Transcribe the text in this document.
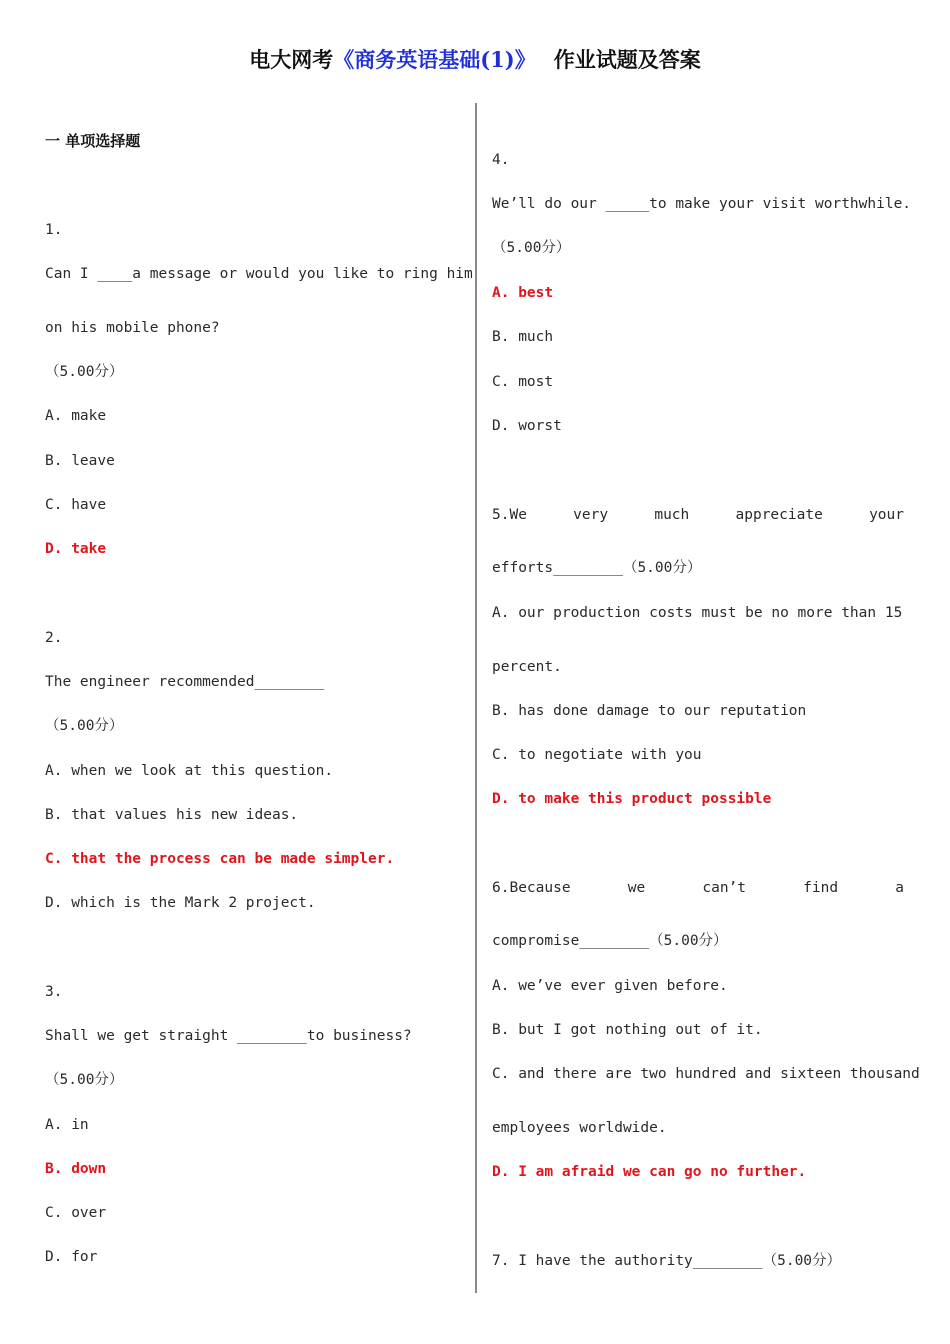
电大网考《商务英语基础(1)》 作业试题及答案
一 单项选择题
1.
Can I ____a message or would you like to ring him
on his mobile phone?
（5.00分）
A. make
B. leave
C. have
D. take
2.
The engineer recommended________
（5.00分）
A. when we look at this question.
B. that values his new ideas.
C. that the process can be made simpler.
D. which is the Mark 2 project.
3.
Shall we get straight ________to business?
（5.00分）
A. in
B. down
C. over
D. for
4.
We’ll do our _____to make your visit worthwhile.
（5.00分）
A. best
B. much
C. most
D. worst
5.We	very	much	appreciate	your
efforts________（5.00分）
A. our production costs must be no more than 15
percent.
B. has done damage to our reputation
C. to negotiate with you
D. to make this product possible
6.Because	we	can’t	find	a
compromise________（5.00分）
A. we’ve ever given before.
B. but I got nothing out of it.
C. and there are two hundred and sixteen thousand
employees worldwide.
D. I am afraid we can go no further.
7. I have the authority________（5.00分）
